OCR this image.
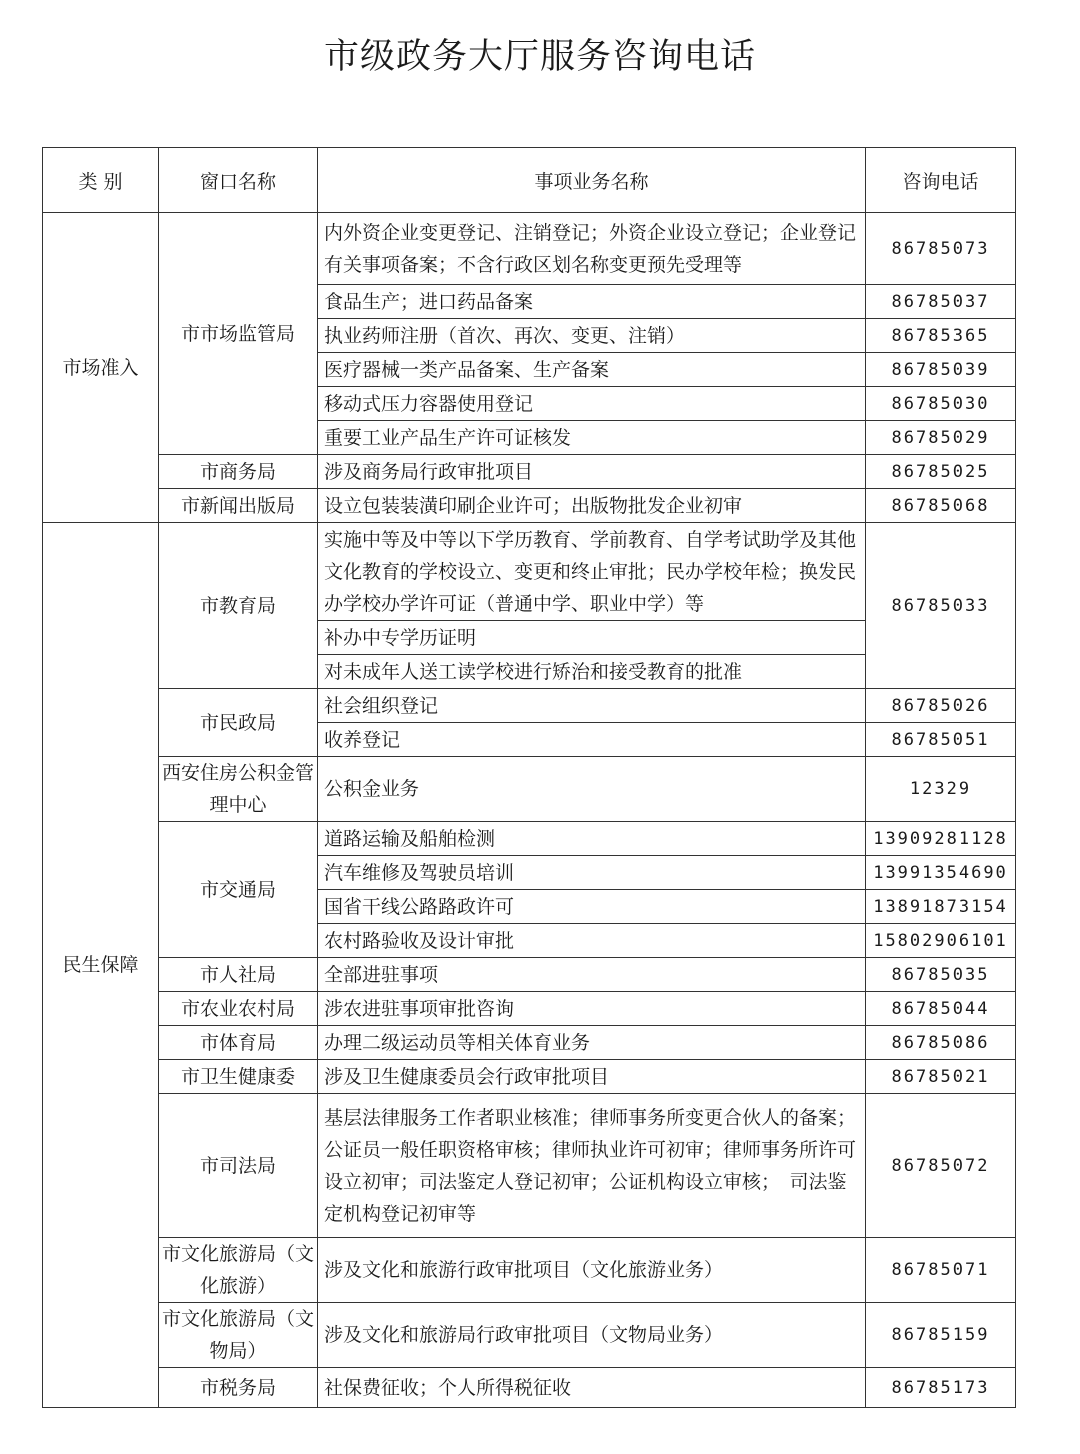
市级政务大厅服务咨询电话
类 别	窗口名称	事项业务名称	咨询电话
市场准入	市市场监管局	内外资企业变更登记、注销登记；外资企业设立登记；企业登记有关事项备案；不含行政区划名称变更预先受理等	86785073
		食品生产；进口药品备案	86785037
		执业药师注册（首次、再次、变更、注销）	86785365
		医疗器械一类产品备案、生产备案	86785039
		移动式压力容器使用登记	86785030
		重要工业产品生产许可证核发	86785029
	市商务局	涉及商务局行政审批项目	86785025
	市新闻出版局	设立包装装潢印刷企业许可；出版物批发企业初审	86785068
民生保障	市教育局	实施中等及中等以下学历教育、学前教育、自学考试助学及其他文化教育的学校设立、变更和终止审批；民办学校年检；换发民办学校办学许可证（普通中学、职业中学）等	86785033
		补办中专学历证明	
		对未成年人送工读学校进行矫治和接受教育的批准	
	市民政局	社会组织登记	86785026
		收养登记	86785051
	西安住房公积金管理中心	公积金业务	12329
	市交通局	道路运输及船舶检测	13909281128
		汽车维修及驾驶员培训	13991354690
		国省干线公路路政许可	13891873154
		农村路验收及设计审批	15802906101
	市人社局	全部进驻事项	86785035
	市农业农村局	涉农进驻事项审批咨询	86785044
	市体育局	办理二级运动员等相关体育业务	86785086
	市卫生健康委	涉及卫生健康委员会行政审批项目	86785021
	市司法局	基层法律服务工作者职业核准；律师事务所变更合伙人的备案；公证员一般任职资格审核；律师执业许可初审；律师事务所许可设立初审；司法鉴定人登记初审；公证机构设立审核；　司法鉴定机构登记初审等	86785072
	市文化旅游局（文化旅游）	涉及文化和旅游行政审批项目（文化旅游业务）	86785071
	市文化旅游局（文物局）	涉及文化和旅游局行政审批项目（文物局业务）	86785159
	市税务局	社保费征收；个人所得税征收	86785173
